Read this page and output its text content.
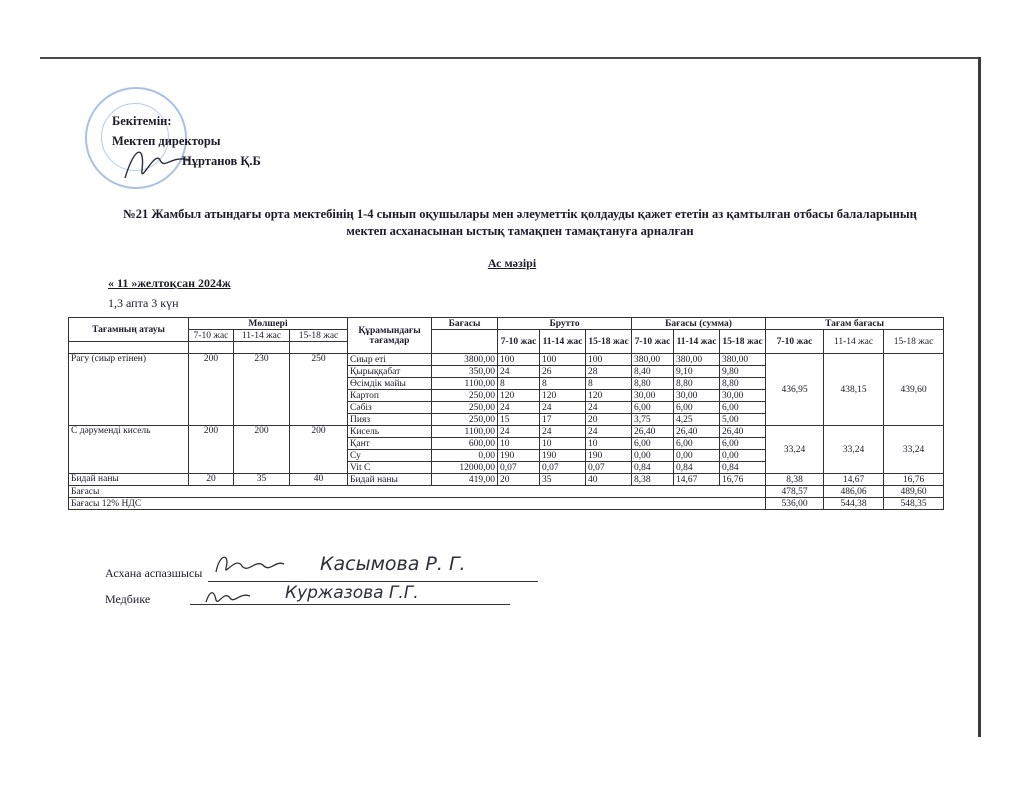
Бекітемін:
Мектеп директоры
Нұртанов Қ.Б
№21 Жамбыл атындағы орта мектебінің 1-4 сынып оқушылары мен әлеуметтік қолдауды қажет ететін аз қамтылған отбасы балаларының
мектеп асханасынан ыстық тамақпен тамақтануға арналған
Ас мәзірі
« 11 »желтоқсан 2024ж
1,3 апта 3 күн
Тағамның атауы	Мөлшері			Құрамындағы тағамдар	Бағасы	Брутто			Бағасы (сумма)			Тағам бағасы		
	7-10 жас	11-14 жас	15-18 жас			7-10 жас	11-14 жас	15-18 жас	7-10 жас	11-14 жас	15-18 жас	7-10 жас	11-14 жас	15-18 жас

Рагу (сиыр етінен)	200	230	250	Сиыр еті	3800,00	100	100	100	380,00	380,00	380,00	436,95	438,15	439,60
				Қырыққабат	350,00	24	26	28	8,40	9,10	9,80			
				Өсімдік майы	1100,00	8	8	8	8,80	8,80	8,80			
				Картоп	250,00	120	120	120	30,00	30,00	30,00			
				Сәбіз	250,00	24	24	24	6,00	6,00	6,00			
				Пияз	250,00	15	17	20	3,75	4,25	5,00			
С дәруменді кисель	200	200	200	Кисель	1100,00	24	24	24	26,40	26,40	26,40	33,24	33,24	33,24
				Қант	600,00	10	10	10	6,00	6,00	6,00			
				Су	0,00	190	190	190	0,00	0,00	0,00			
				Vit C	12000,00	0,07	0,07	0,07	0,84	0,84	0,84			
Бидай наны	20	35	40	Бидай наны	419,00	20	35	40	8,38	14,67	16,76	8,38	14,67	16,76
Бағасы												478,57	486,06	489,60
Бағасы 12% НДС												536,00	544,38	548,35
Асхана аспазшысы	Касымова Р. Г.
Медбике	Куржазова Г.Г.
